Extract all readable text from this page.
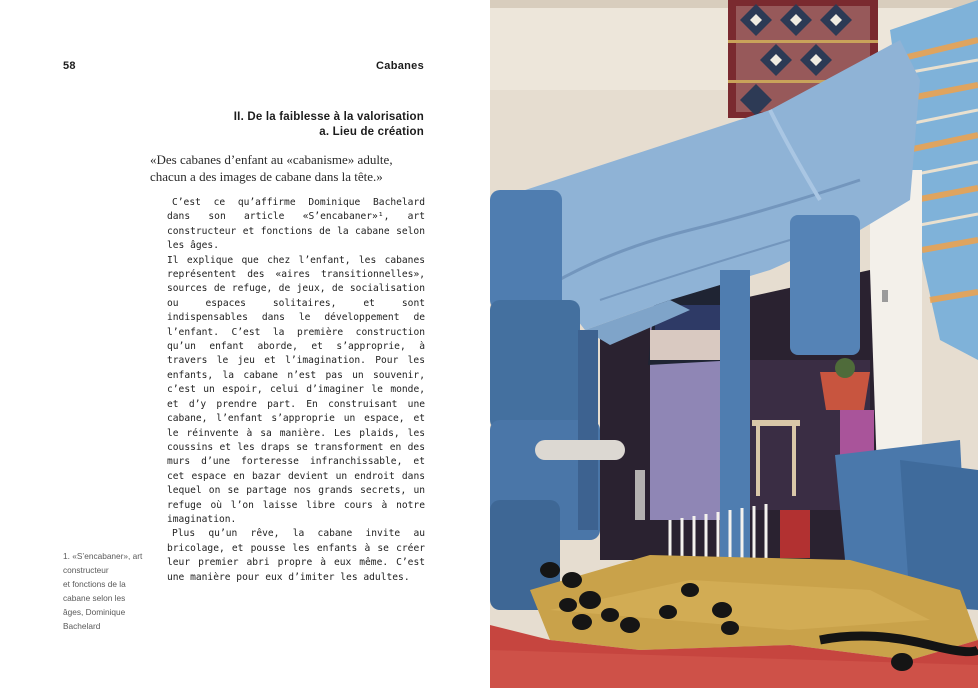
58	Cabanes
II. De la faiblesse à la valorisation
a. Lieu de création
«Des cabanes d’enfant au «cabanisme» adulte,
chacun a des images de cabane dans la tête.»

C’est ce qu’affirme Dominique Bachelard dans son article «S’encabaner»¹, art constructeur et fonctions de la cabane selon les âges.

Il explique que chez l’enfant, les cabanes représentent des «aires transitionnelles», sources de refuge, de jeux, de socialisation ou espaces solitaires, et sont indispensables dans le développement de l’enfant. C’est la première construction qu’un enfant aborde, et s’approprie, à travers le jeu et l’imagination. Pour les enfants, la cabane n’est pas un souvenir, c’est un espoir, celui d’imaginer le monde, et d’y prendre part. En construisant une cabane, l’enfant s’approprie un espace, et le réinvente à sa manière. Les plaids, les coussins et les draps se transforment en des murs d’une forteresse infranchissable, et cet espace en bazar devient un endroit dans lequel on se partage nos grands secrets, un refuge où l’on laisse libre cours à notre imagination.

Plus qu’un rêve, la cabane invite au bricolage, et pousse les enfants à se créer leur premier abri propre à eux même. C’est une manière pour eux d’imiter les adultes.

1. «S’encabaner», art
constructeur
et fonctions de la
cabane selon les
âges, Dominique
Bachelard
